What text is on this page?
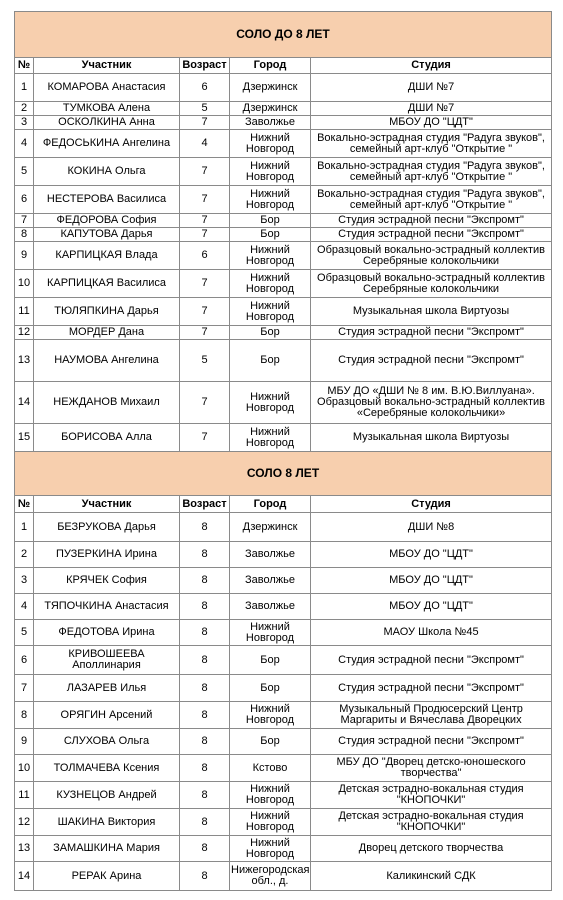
СОЛО ДО 8 ЛЕТ				
№	Участник	Возраст	Город	Студия
1	КОМАРОВА Анастасия	6	Дзержинск	ДШИ №7
2	ТУМКОВА Алена	5	Дзержинск	ДШИ №7
3	ОСКОЛКИНА Анна	7	Заволжье	МБОУ ДО "ЦДТ"
4	ФЕДОСЬКИНА Ангелина	4	Нижний Новгород	Вокально-эстрадная студия "Радуга звуков", семейный арт-клуб "Открытие "
5	КОКИНА Ольга	7	Нижний Новгород	Вокально-эстрадная студия "Радуга звуков", семейный арт-клуб "Открытие "
6	НЕСТЕРОВА Василиса	7	Нижний Новгород	Вокально-эстрадная студия "Радуга звуков", семейный арт-клуб "Открытие "
7	ФЕДОРОВА София	7	Бор	Студия эстрадной песни "Экспромт"
8	КАПУТОВА Дарья	7	Бор	Студия эстрадной песни "Экспромт"
9	КАРПИЦКАЯ Влада	6	Нижний Новгород	Образцовый вокально-эстрадный коллектив Серебряные колокольчики
10	КАРПИЦКАЯ Василиса	7	Нижний Новгород	Образцовый вокально-эстрадный коллектив Серебряные колокольчики
11	ТЮЛЯПКИНА Дарья	7	Нижний Новгород	Музыкальная школа Виртуозы
12	МОРДЕР Дана	7	Бор	Студия эстрадной песни "Экспромт"
13	НАУМОВА Ангелина	5	Бор	Студия эстрадной песни "Экспромт"
14	НЕЖДАНОВ Михаил	7	Нижний Новгород	МБУ ДО «ДШИ № 8 им. В.Ю.Виллуана». Образцовый вокально-эстрадный коллектив «Серебряные колокольчики»
15	БОРИСОВА Алла	7	Нижний Новгород	Музыкальная школа Виртуозы
СОЛО 8 ЛЕТ				
№	Участник	Возраст	Город	Студия
1	БЕЗРУКОВА Дарья	8	Дзержинск	ДШИ №8
2	ПУЗЕРКИНА Ирина	8	Заволжье	МБОУ ДО "ЦДТ"
3	КРЯЧЕК София	8	Заволжье	МБОУ ДО "ЦДТ"
4	ТЯПОЧКИНА Анастасия	8	Заволжье	МБОУ ДО "ЦДТ"
5	ФЕДОТОВА Ирина	8	Нижний Новгород	МАОУ Школа №45
6	КРИВОШЕЕВА Аполлинария	8	Бор	Студия эстрадной песни "Экспромт"
7	ЛАЗАРЕВ Илья	8	Бор	Студия эстрадной песни "Экспромт"
8	ОРЯГИН Арсений	8	Нижний Новгород	Музыкальный Продюсерский Центр Маргариты и Вячеслава Дворецких
9	СЛУХОВА Ольга	8	Бор	Студия эстрадной песни "Экспромт"
10	ТОЛМАЧЕВА Ксения	8	Кстово	МБУ ДО "Дворец детско-юношеского творчества"
11	КУЗНЕЦОВ Андрей	8	Нижний Новгород	Детская эстрадно-вокальная студия "КНОПОЧКИ"
12	ШАКИНА Виктория	8	Нижний Новгород	Детская эстрадно-вокальная студия "КНОПОЧКИ"
13	ЗАМАШКИНА Мария	8	Нижний Новгород	Дворец детского творчества
14	РЕРАК Арина	8	Нижегородская обл., д.	Каликинский СДК
